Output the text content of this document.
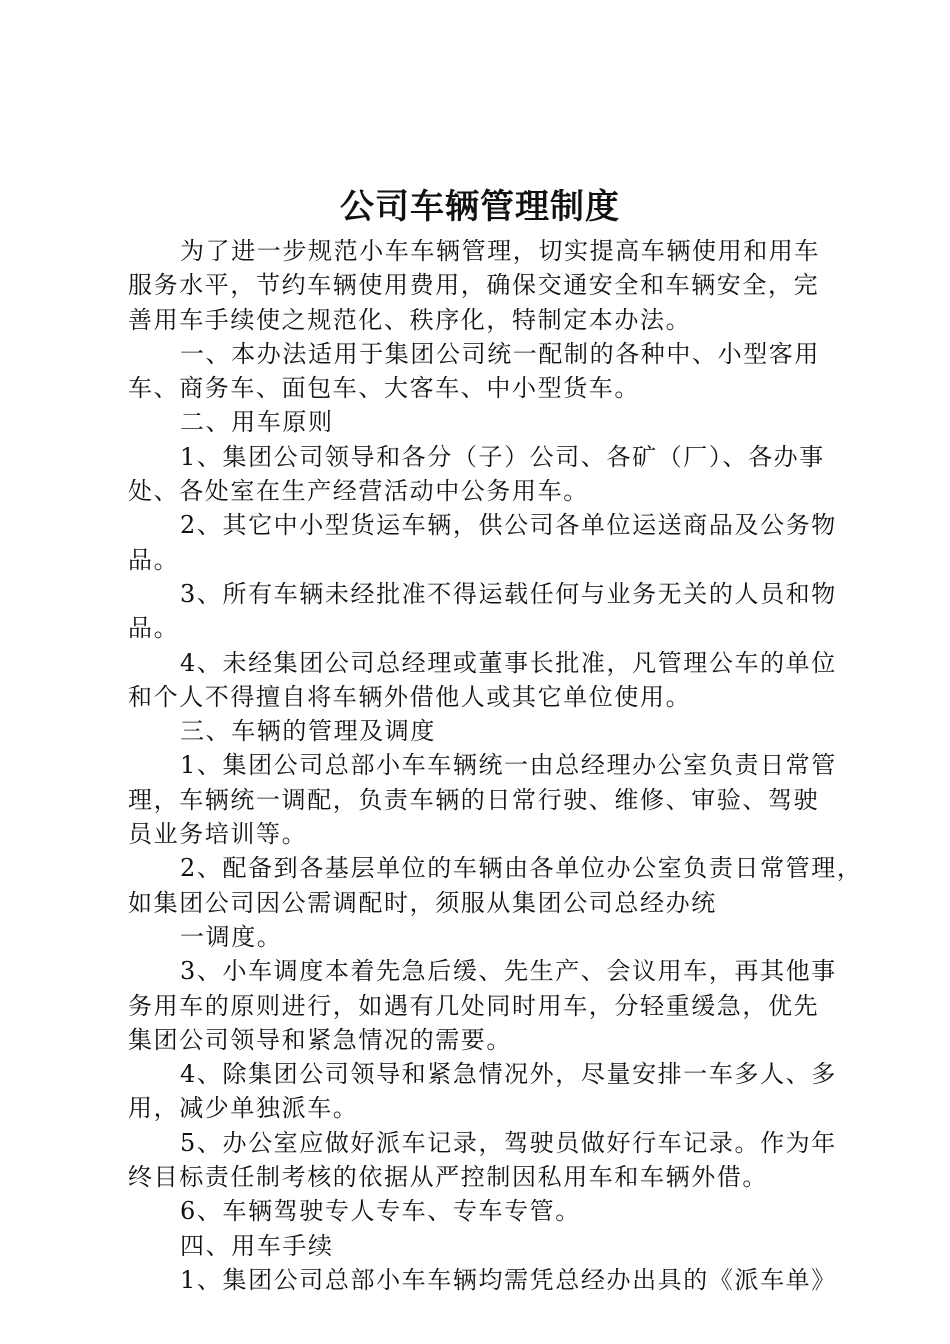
公司车辆管理制度
为了进一步规范小车车辆管理，切实提高车辆使用和用车
服务水平，节约车辆使用费用，确保交通安全和车辆安全，完
善用车手续使之规范化、秩序化，特制定本办法。
一、本办法适用于集团公司统一配制的各种中、小型客用
车、商务车、面包车、大客车、中小型货车。
二、用车原则
1、集团公司领导和各分（子）公司、各矿（厂）、各办事
处、各处室在生产经营活动中公务用车。
2、其它中小型货运车辆，供公司各单位运送商品及公务物
品。
3、所有车辆未经批准不得运载任何与业务无关的人员和物
品。
4、未经集团公司总经理或董事长批准，凡管理公车的单位
和个人不得擅自将车辆外借他人或其它单位使用。
三、车辆的管理及调度
1、集团公司总部小车车辆统一由总经理办公室负责日常管
理，车辆统一调配，负责车辆的日常行驶、维修、审验、驾驶
员业务培训等。
2、配备到各基层单位的车辆由各单位办公室负责日常管理，
如集团公司因公需调配时，须服从集团公司总经办统
一调度。
3、小车调度本着先急后缓、先生产、会议用车，再其他事
务用车的原则进行，如遇有几处同时用车，分轻重缓急，优先
集团公司领导和紧急情况的需要。
4、除集团公司领导和紧急情况外，尽量安排一车多人、多
用，减少单独派车。
5、办公室应做好派车记录，驾驶员做好行车记录。作为年
终目标责任制考核的依据从严控制因私用车和车辆外借。
6、车辆驾驶专人专车、专车专管。
四、用车手续
1、集团公司总部小车车辆均需凭总经办出具的《派车单》
